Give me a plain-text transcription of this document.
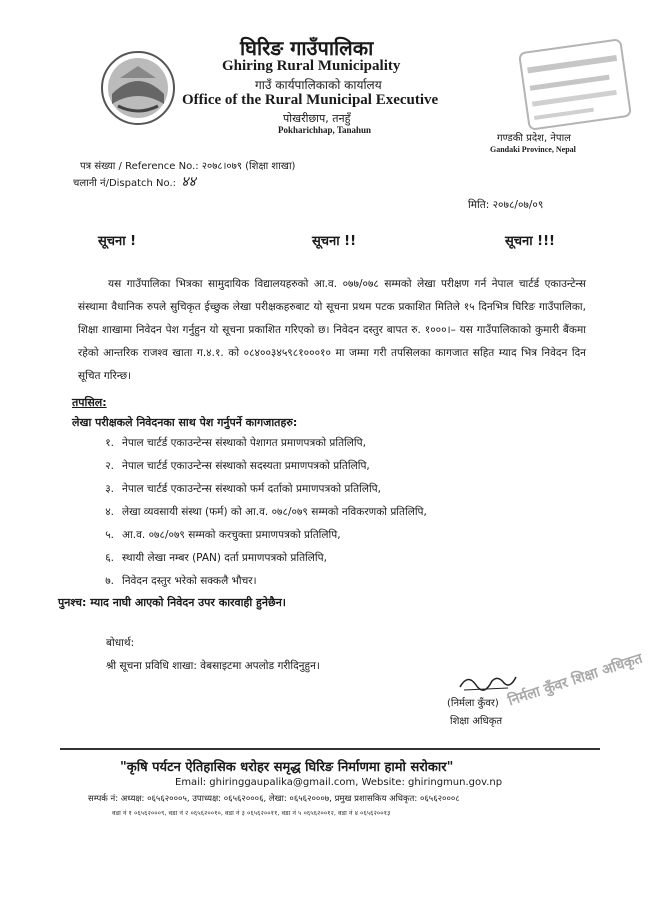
घिरिङ गाउँपालिका
Ghiring Rural Municipality
गाउँ कार्यपालिकाको कार्यालय
Office of the Rural Municipal Executive
पोखरीछाप, तनहुँ
Pokharichhap, Tanahun
गण्डकी प्रदेश, नेपाल
Gandaki Province, Nepal
पत्र संख्या / Reference No.: २०७८।०७९ (शिक्षा शाखा)
चलानी नं/Dispatch No.: ४४
मिति: २०७८/०७/०९
सूचना !	सूचना !!	सूचना !!!
यस गाउँपालिका भित्रका सामुदायिक विद्यालयहरुको आ.व. ०७७/०७८ सम्मको लेखा परीक्षण गर्न नेपाल चार्टर्ड एकाउन्टेन्स संस्थामा वैधानिक रुपले सुचिकृत ईच्छुक लेखा परीक्षकहरुबाट यो सूचना प्रथम पटक प्रकाशित मितिले १५ दिनभित्र घिरिङ गाउँपालिका, शिक्षा शाखामा निवेदन पेश गर्नुहुन यो सूचना प्रकाशित गरिएको छ। निवेदन दस्तुर बापत रु. १०००।– यस गाउँपालिकाको कुमारी बैंकमा रहेको आन्तरिक राजश्व खाता ग.४.१. को ०८४००३४५९८१०००१० मा जम्मा गरी तपसिलका कागजात सहित म्याद भित्र निवेदन दिन सूचित गरिन्छ।
तपसिल:
लेखा परीक्षकले निवेदनका साथ पेश गर्नुपर्ने कागजातहरु:
१. नेपाल चार्टर्ड एकाउन्टेन्स संस्थाको पेशागत प्रमाणपत्रको प्रतिलिपि,
२. नेपाल चार्टर्ड एकाउन्टेन्स संस्थाको सदस्यता प्रमाणपत्रको प्रतिलिपि,
३. नेपाल चार्टर्ड एकाउन्टेन्स संस्थाको फर्म दर्ताको प्रमाणपत्रको प्रतिलिपि,
४. लेखा व्यवसायी संस्था (फर्म) को आ.व. ०७८/०७९ सम्मको नविकरणको प्रतिलिपि,
५. आ.व. ०७८/०७९ सम्मको करचुक्ता प्रमाणपत्रको प्रतिलिपि,
६. स्थायी लेखा नम्बर (PAN) दर्ता प्रमाणपत्रको प्रतिलिपि,
७. निवेदन दस्तुर भरेको सक्कलै भौचर।
पुनश्च: म्याद नाघी आएको निवेदन उपर कारवाही हुनेछैन।
बोधार्थ:
श्री सूचना प्रविधि शाखा: वेबसाइटमा अपलोड गरीदिनुहुन।	निर्मला कुँवर शिक्षा अधिकृत
(निर्मला कुँवर)
शिक्षा अधिकृत
"कृषि पर्यटन ऐतिहासिक धरोहर समृद्ध घिरिङ निर्माणमा हामो सरोकार"
Email: ghiringgaupalika@gmail.com, Website: ghiringmun.gov.np
सम्पर्क नं: अध्यक्ष: ०६५६२०००५, उपाध्यक्ष: ०६५६२०००६, लेखा: ०६५६२०००७, प्रमुख प्रशासकिय अधिकृत: ०६५६२०००८
वडा नं १ ०६५६२०००९, वडा नं २ ०६५६२००१०, वडा नं ३ ०६५६२००११, वडा नं ५ ०६५६२००१२, वडा नं ४ ०६५६२००१३
